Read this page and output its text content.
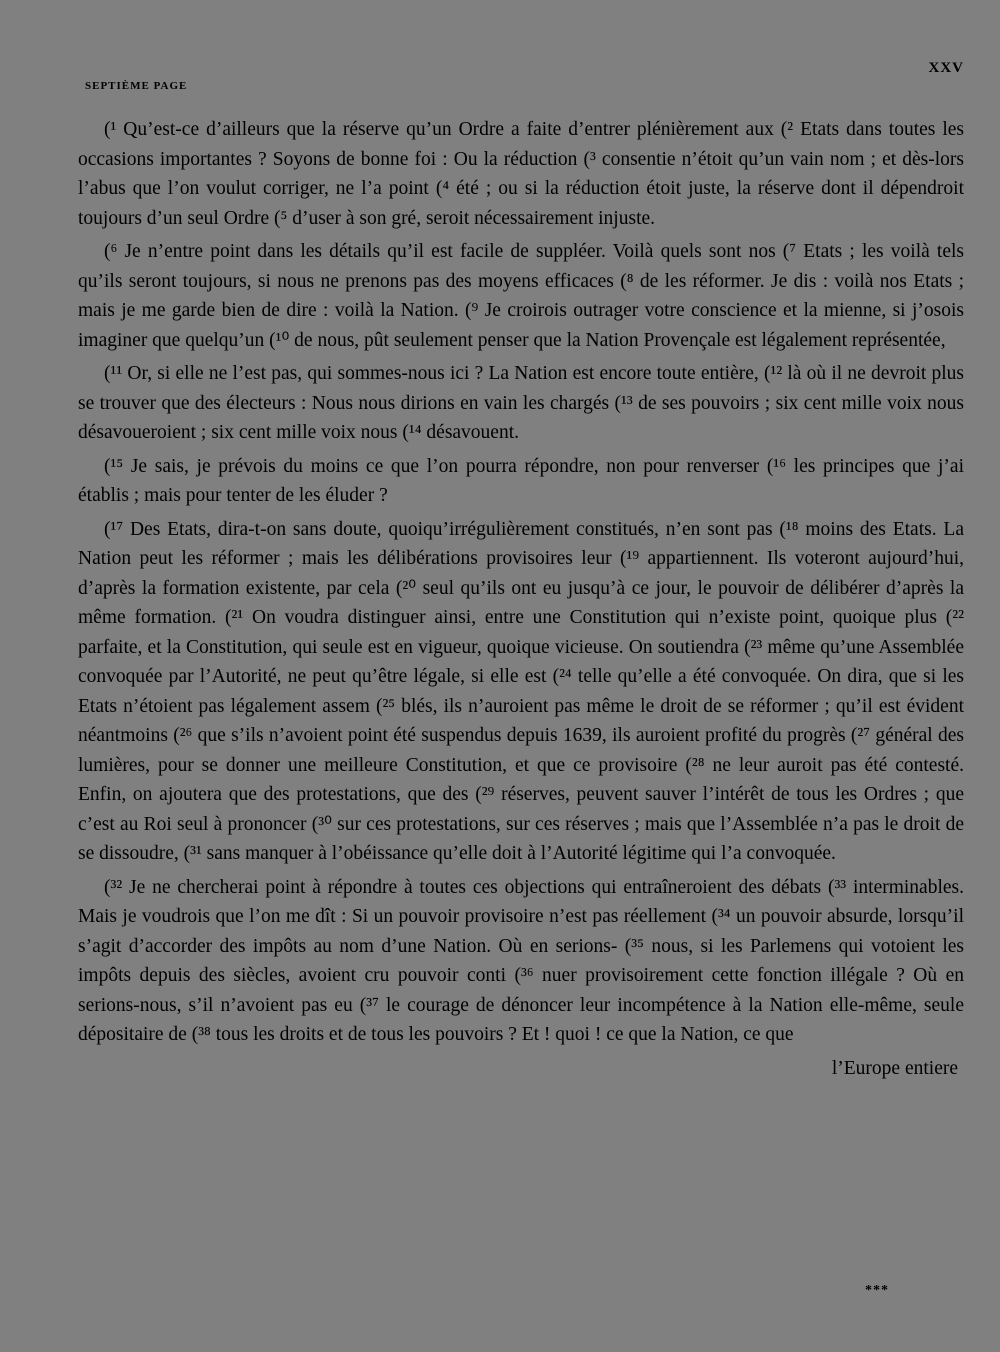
XXV
SEPTIÈME PAGE

(¹ Qu’est-ce d’ailleurs que la réserve qu’un Ordre a faite d’entrer plénièrement aux (² Etats dans toutes les occasions importantes ? Soyons de bonne foi : Ou la réduction (³ consentie n’étoit qu’un vain nom ; et dès-lors l’abus que l’on voulut corriger, ne l’a point (⁴ été ; ou si la réduction étoit juste, la réserve dont il dépendroit toujours d’un seul Ordre (⁵ d’user à son gré, seroit nécessairement injuste.

(⁶ Je n’entre point dans les détails qu’il est facile de suppléer. Voilà quels sont nos (⁷ Etats ; les voilà tels qu’ils seront toujours, si nous ne prenons pas des moyens efficaces (⁸ de les réformer. Je dis : voilà nos Etats ; mais je me garde bien de dire : voilà la Nation. (⁹ Je croirois outrager votre conscience et la mienne, si j’osois imaginer que quelqu’un (¹⁰ de nous, pût seulement penser que la Nation Provençale est légalement représentée,

(¹¹ Or, si elle ne l’est pas, qui sommes-nous ici ? La Nation est encore toute entière, (¹² là où il ne devroit plus se trouver que des électeurs : Nous nous dirions en vain les chargés (¹³ de ses pouvoirs ; six cent mille voix nous désavoueroient ; six cent mille voix nous (¹⁴ désavouent.

(¹⁵ Je sais, je prévois du moins ce que l’on pourra répondre, non pour renverser (¹⁶ les principes que j’ai établis ; mais pour tenter de les éluder ?

(¹⁷ Des Etats, dira-t-on sans doute, quoiqu’irrégulièrement constitués, n’en sont pas (¹⁸ moins des Etats. La Nation peut les réformer ; mais les délibérations provisoires leur (¹⁹ appartiennent. Ils voteront aujourd’hui, d’après la formation existente, par cela (²⁰ seul qu’ils ont eu jusqu’à ce jour, le pouvoir de délibérer d’après la même formation. (²¹ On voudra distinguer ainsi, entre une Constitution qui n’existe point, quoique plus (²² parfaite, et la Constitution, qui seule est en vigueur, quoique vicieuse. On soutiendra (²³ même qu’une Assemblée convoquée par l’Autorité, ne peut qu’être légale, si elle est (²⁴ telle qu’elle a été convoquée. On dira, que si les Etats n’étoient pas légalement assem (²⁵ blés, ils n’auroient pas même le droit de se réformer ; qu’il est évident néantmoins (²⁶ que s’ils n’avoient point été suspendus depuis 1639, ils auroient profité du progrès (²⁷ général des lumières, pour se donner une meilleure Constitution, et que ce provisoire (²⁸ ne leur auroit pas été contesté. Enfin, on ajoutera que des protestations, que des (²⁹ réserves, peuvent sauver l’intérêt de tous les Ordres ; que c’est au Roi seul à prononcer (³⁰ sur ces protestations, sur ces réserves ; mais que l’Assemblée n’a pas le droit de se dissoudre, (³¹ sans manquer à l’obéissance qu’elle doit à l’Autorité légitime qui l’a convoquée.

(³² Je ne chercherai point à répondre à toutes ces objections qui entraîneroient des débats (³³ interminables. Mais je voudrois que l’on me dît : Si un pouvoir provisoire n’est pas réellement (³⁴ un pouvoir absurde, lorsqu’il s’agit d’accorder des impôts au nom d’une Nation. Où en serions- (³⁵ nous, si les Parlemens qui votoient les impôts depuis des siècles, avoient cru pouvoir conti (³⁶ nuer provisoirement cette fonction illégale ? Où en serions-nous, s’il n’avoient pas eu (³⁷ le courage de dénoncer leur incompétence à la Nation elle-même, seule dépositaire de (³⁸ tous les droits et de tous les pouvoirs ? Et ! quoi ! ce que la Nation, ce que

l’Europe entiere

***
